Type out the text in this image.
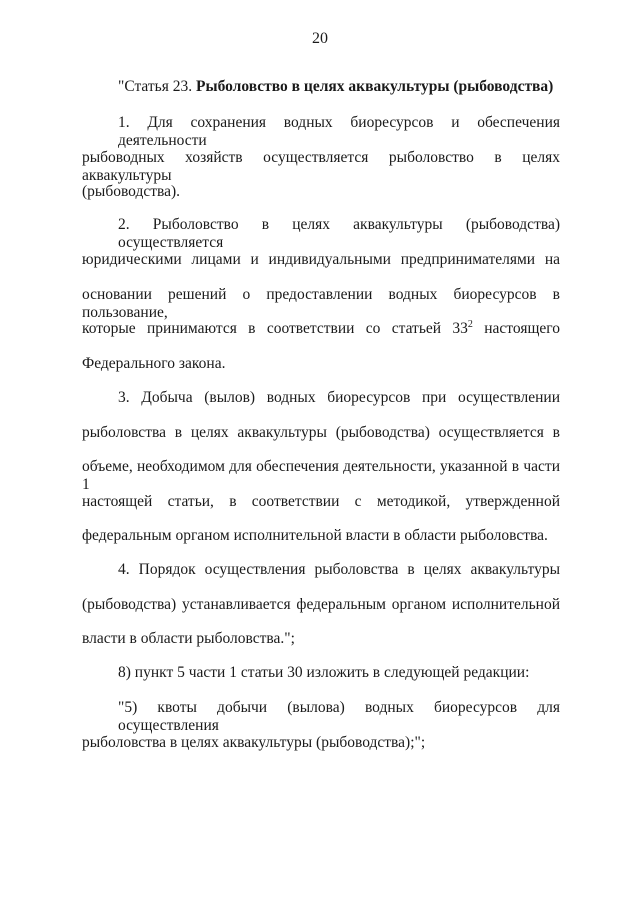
20
"Статья 23. Рыболовство в целях аквакультуры (рыбоводства)
1. Для сохранения водных биоресурсов и обеспечения деятельности
рыбоводных хозяйств осуществляется рыболовство в целях аквакультуры
(рыбоводства).
2. Рыболовство в целях аквакультуры (рыбоводства) осуществляется
юридическими лицами и индивидуальными предпринимателями на
основании решений о предоставлении водных биоресурсов в пользование,
которые принимаются в соответствии со статьей $33^2$ настоящего
Федерального закона.
3. Добыча (вылов) водных биоресурсов при осуществлении
рыболовства в целях аквакультуры (рыбоводства) осуществляется в
объеме, необходимом для обеспечения деятельности, указанной в части 1
настоящей статьи, в соответствии с методикой, утвержденной
федеральным органом исполнительной власти в области рыболовства.
4. Порядок осуществления рыболовства в целях аквакультуры
(рыбоводства) устанавливается федеральным органом исполнительной
власти в области рыболовства.";
8) пункт 5 части 1 статьи 30 изложить в следующей редакции:
"5) квоты добычи (вылова) водных биоресурсов для осуществления
рыболовства в целях аквакультуры (рыбоводства);";
